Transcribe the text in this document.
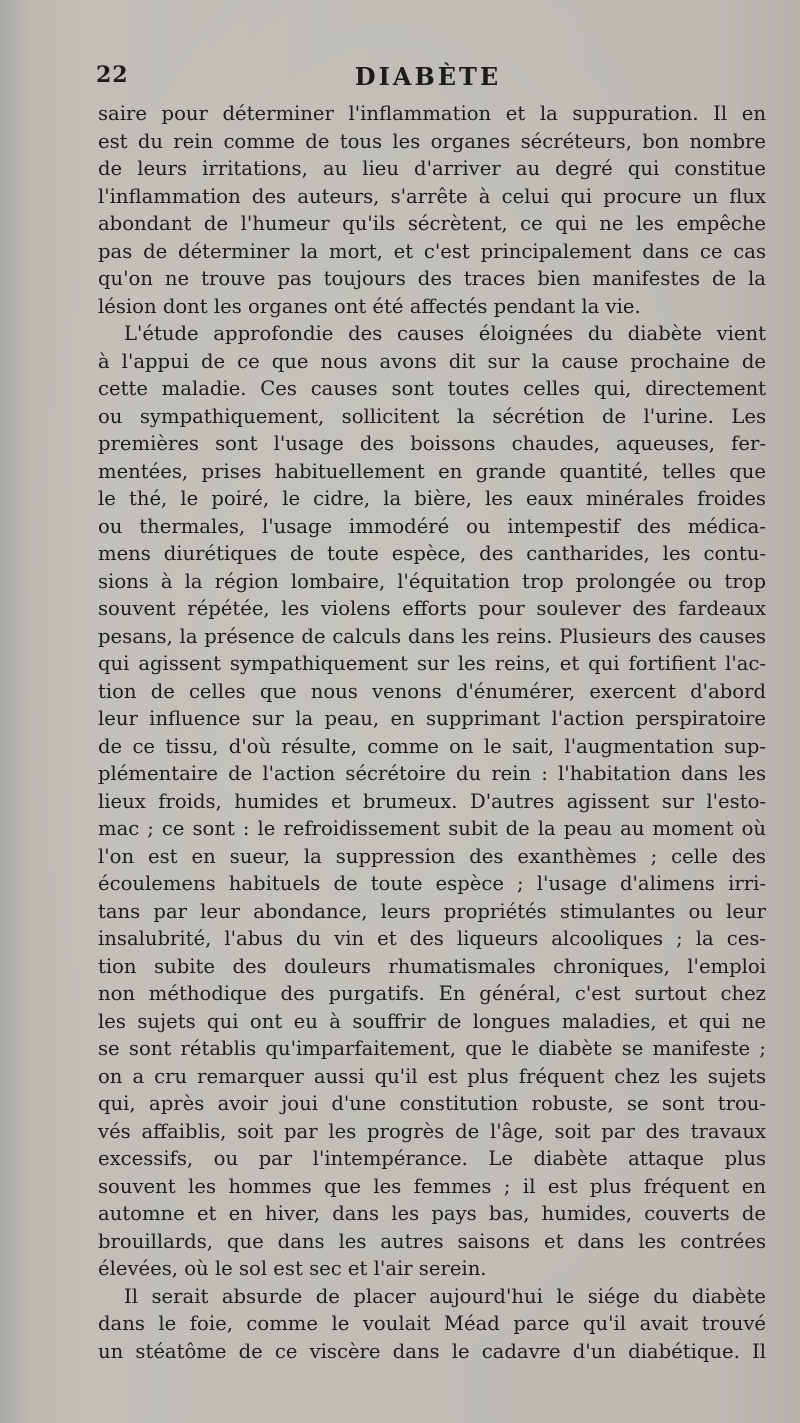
22	DIABÈTE
saire pour déterminer l'inflammation et la suppuration. Il en
est du rein comme de tous les organes sécréteurs, bon nombre
de leurs irritations, au lieu d'arriver au degré qui constitue
l'inflammation des auteurs, s'arrête à celui qui procure un flux
abondant de l'humeur qu'ils sécrètent, ce qui ne les empêche
pas de déterminer la mort, et c'est principalement dans ce cas
qu'on ne trouve pas toujours des traces bien manifestes de la
lésion dont les organes ont été affectés pendant la vie.
L'étude approfondie des causes éloignées du diabète vient
à l'appui de ce que nous avons dit sur la cause prochaine de
cette maladie. Ces causes sont toutes celles qui, directement
ou sympathiquement, sollicitent la sécrétion de l'urine. Les
premières sont l'usage des boissons chaudes, aqueuses, fer-
mentées, prises habituellement en grande quantité, telles que
le thé, le poiré, le cidre, la bière, les eaux minérales froides
ou thermales, l'usage immodéré ou intempestif des médica-
mens diurétiques de toute espèce, des cantharides, les contu-
sions à la région lombaire, l'équitation trop prolongée ou trop
souvent répétée, les violens efforts pour soulever des fardeaux
pesans, la présence de calculs dans les reins. Plusieurs des causes
qui agissent sympathiquement sur les reins, et qui fortifient l'ac-
tion de celles que nous venons d'énumérer, exercent d'abord
leur influence sur la peau, en supprimant l'action perspiratoire
de ce tissu, d'où résulte, comme on le sait, l'augmentation sup-
plémentaire de l'action sécrétoire du rein : l'habitation dans les
lieux froids, humides et brumeux. D'autres agissent sur l'esto-
mac ; ce sont : le refroidissement subit de la peau au moment où
l'on est en sueur, la suppression des exanthèmes ; celle des
écoulemens habituels de toute espèce ; l'usage d'alimens irri-
tans par leur abondance, leurs propriétés stimulantes ou leur
insalubrité, l'abus du vin et des liqueurs alcooliques ; la ces-
tion subite des douleurs rhumatismales chroniques, l'emploi
non méthodique des purgatifs. En général, c'est surtout chez
les sujets qui ont eu à souffrir de longues maladies, et qui ne
se sont rétablis qu'imparfaitement, que le diabète se manifeste ;
on a cru remarquer aussi qu'il est plus fréquent chez les sujets
qui, après avoir joui d'une constitution robuste, se sont trou-
vés affaiblis, soit par les progrès de l'âge, soit par des travaux
excessifs, ou par l'intempérance. Le diabète attaque plus
souvent les hommes que les femmes ; il est plus fréquent en
automne et en hiver, dans les pays bas, humides, couverts de
brouillards, que dans les autres saisons et dans les contrées
élevées, où le sol est sec et l'air serein.
Il serait absurde de placer aujourd'hui le siége du diabète
dans le foie, comme le voulait Méad parce qu'il avait trouvé
un stéatôme de ce viscère dans le cadavre d'un diabétique. Il
